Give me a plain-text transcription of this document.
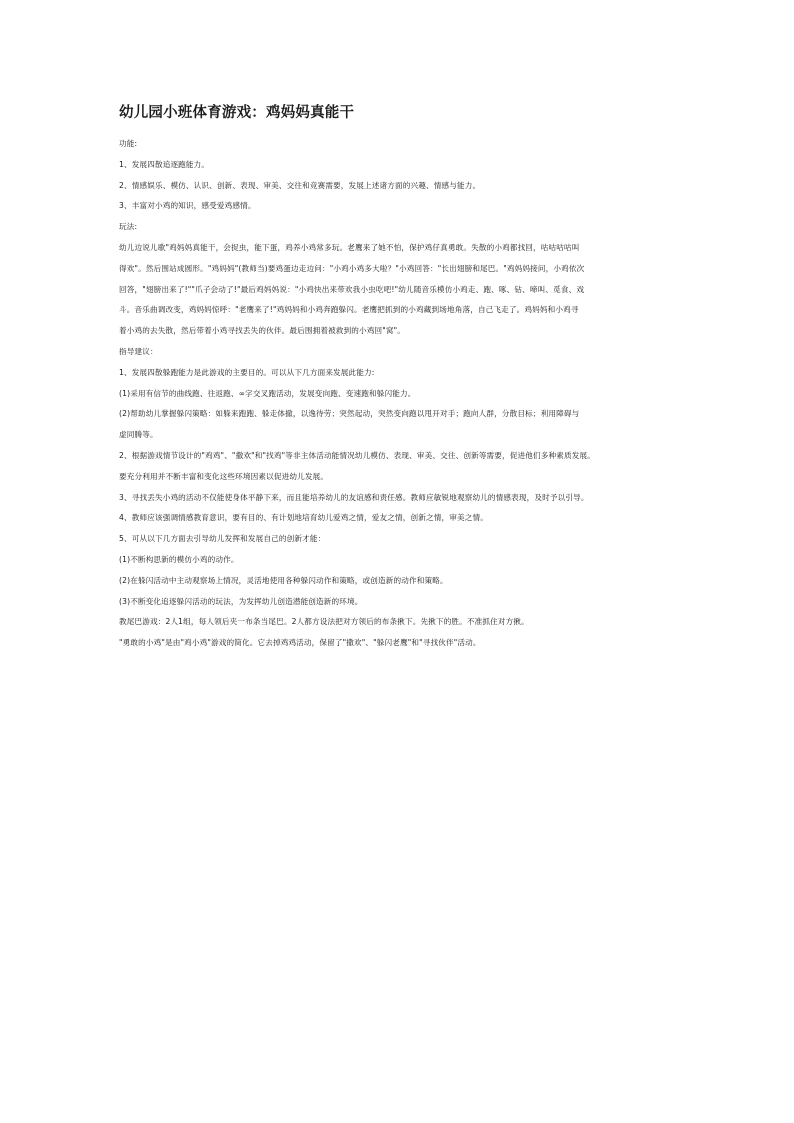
幼儿园小班体育游戏：鸡妈妈真能干

功能:

1、发展四散追逐跑能力。

2、情感娱乐、模仿、认识、创新、表现、审美、交往和竞赛需要，发展上述诸方面的兴趣、情感与能力。

3、丰富对小鸡的知识，感受爱鸡感情。

玩法:

幼儿边说儿歌"鸡妈妈真能干，会捉虫，能下蛋，鸡养小鸡常多玩。老鹰来了她不怕，保护鸡仔真勇敢。失散的小鸡都找回，咕咕咕咕叫

得欢"。然后围站成圆形。"鸡妈妈"(教师当)要鸡蛋边走边问："小鸡小鸡多大啦？"小鸡回答："长出翅膀和尾巴。"鸡妈妈接问，小鸡依次

回答，"翅膀出来了!""爪子会动了!"最后鸡妈妈说："小鸡快出来带欢我小虫吃吧!"幼儿随音乐模仿小鸡走、跑、啄、钻、啼叫、觅食、戏

斗。音乐曲调改变，鸡妈妈惊呼："老鹰来了!"鸡妈妈和小鸡奔跑躲闪。老鹰把抓到的小鸡藏到场地角落，自己飞走了。鸡妈妈和小鸡寻

着小鸡的去失散，然后带着小鸡寻找丢失的伙伴。最后围拥着被救到的小鸡回"窝"。

指导建议：

1、发展四散躲跑能力是此游戏的主要目的。可以从下几方面来发展此能力:

(1)采用有信节的曲线跑、往返跑、∞字交叉跑活动，发展变向跑、变速跑和躲闪能力。

(2)帮助幼儿掌握躲闪策略：如躲来跑跑、躲走体撤，以逸待劳；突然起动，突然变向跑以甩开对手；跑向人群，分散目标；利用障碍与

虚同腾等。

2、根据游戏情节设计的"鸡鸡"、"撒欢"和"找鸡"等非主体活动能情况幼儿模仿、表现、审美、交往、创新等需要，促进他们多种素质发展。

要充分利用并不断丰富和变化这些环境因素以促进幼儿发展。

3、寻找丢失小鸡的活动不仅能使身体平静下来，而且能培养幼儿的友谊感和责任感。教师应敏锐地观察幼儿的情感表现，及时予以引导。

4、教师应该强调情感教育意识，要有目的、有计划地培育幼儿爱鸡之情，爱友之情，创新之情，审美之情。

5、可从以下几方面去引导幼儿发挥和发展自己的创新才能：

(1)不断构思新的模仿小鸡的动作。

(2)在躲闪活动中主动观察场上情况，灵活地使用各种躲闪动作和策略，或创造新的动作和策略。

(3)不断变化追逐躲闪活动的玩法，为发挥幼儿创造潜能创造新的环境。

教尾巴游戏：2人1组，每人领后夹一布条当尾巴。2人都方设法把对方领后的布条揪下。先揪下的胜。不准抓住对方揪。

"勇敢的小鸡"是由"鸡小鸡"游戏的简化。它去掉鸡鸡活动，保留了"撒欢"、"躲闪老鹰"和"寻找伙伴"活动。
